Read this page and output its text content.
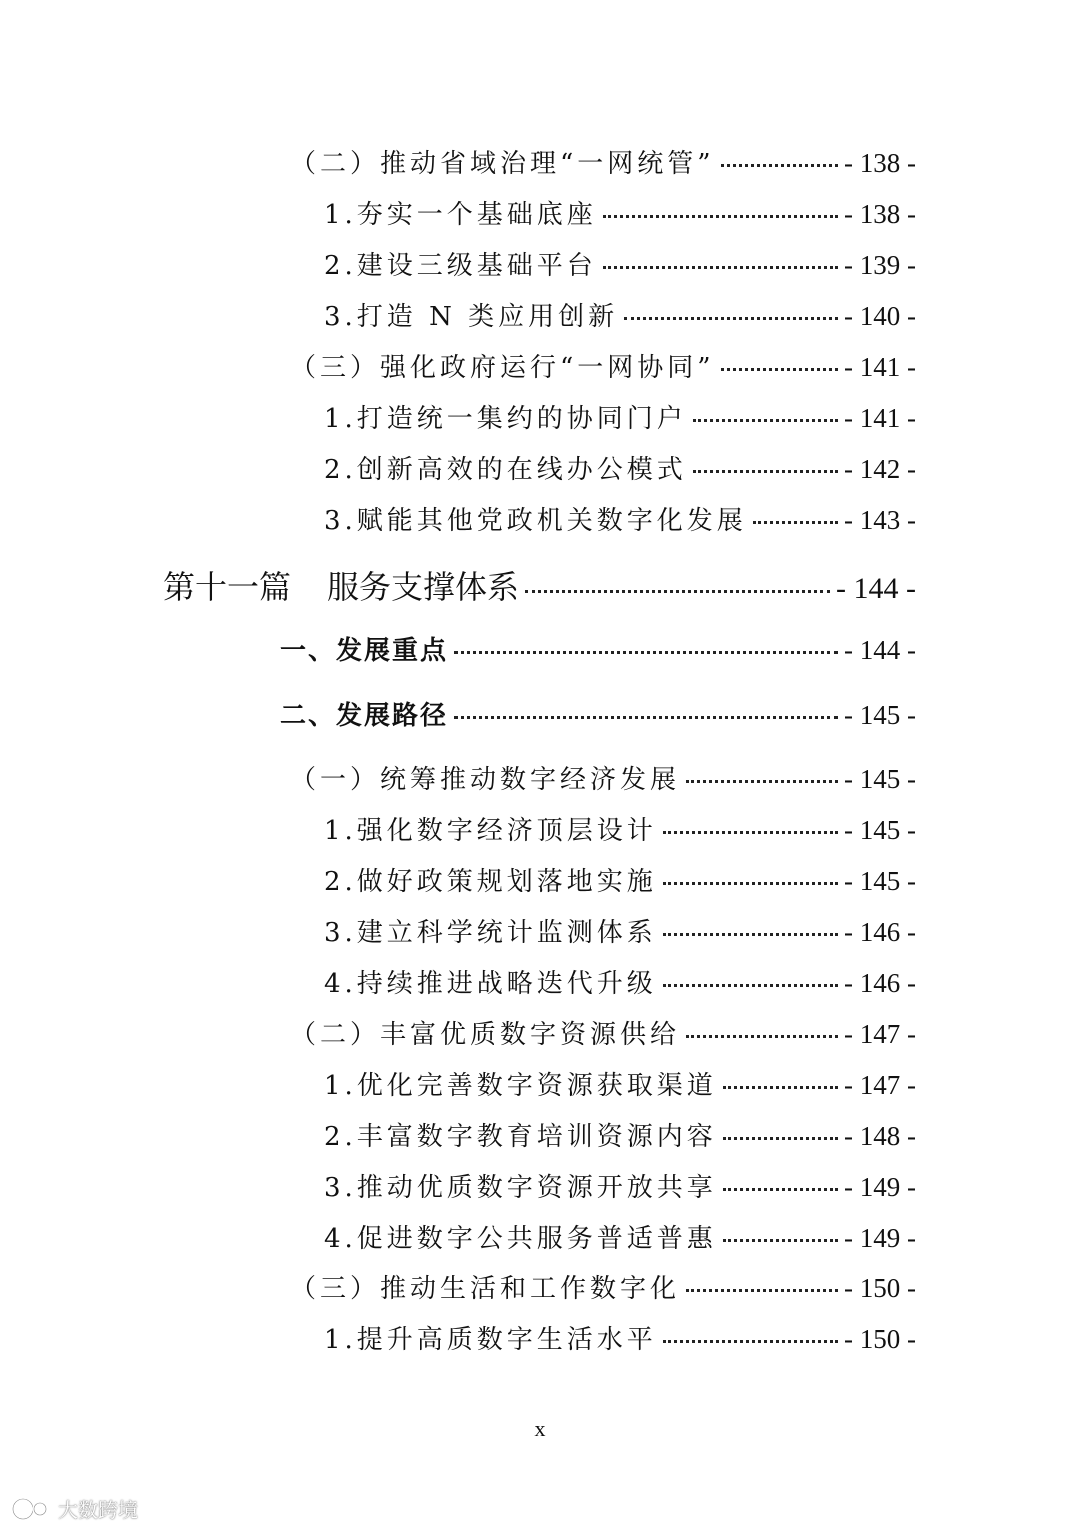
（二）推动省域治理“一网统管”	- 138 -
1.夯实一个基础底座	- 138 -
2.建设三级基础平台	- 139 -
3.打造 N 类应用创新	- 140 -
（三）强化政府运行“一网协同”	- 141 -
1.打造统一集约的协同门户	- 141 -
2.创新高效的在线办公模式	- 142 -
3.赋能其他党政机关数字化发展	- 143 -
第十一篇 服务支撑体系	- 144 -
一、发展重点	- 144 -
二、发展路径	- 145 -
（一）统筹推动数字经济发展	- 145 -
1.强化数字经济顶层设计	- 145 -
2.做好政策规划落地实施	- 145 -
3.建立科学统计监测体系	- 146 -
4.持续推进战略迭代升级	- 146 -
（二）丰富优质数字资源供给	- 147 -
1.优化完善数字资源获取渠道	- 147 -
2.丰富数字教育培训资源内容	- 148 -
3.推动优质数字资源开放共享	- 149 -
4.促进数字公共服务普适普惠	- 149 -
（三）推动生活和工作数字化	- 150 -
1.提升高质数字生活水平	- 150 -
x
大数跨境
